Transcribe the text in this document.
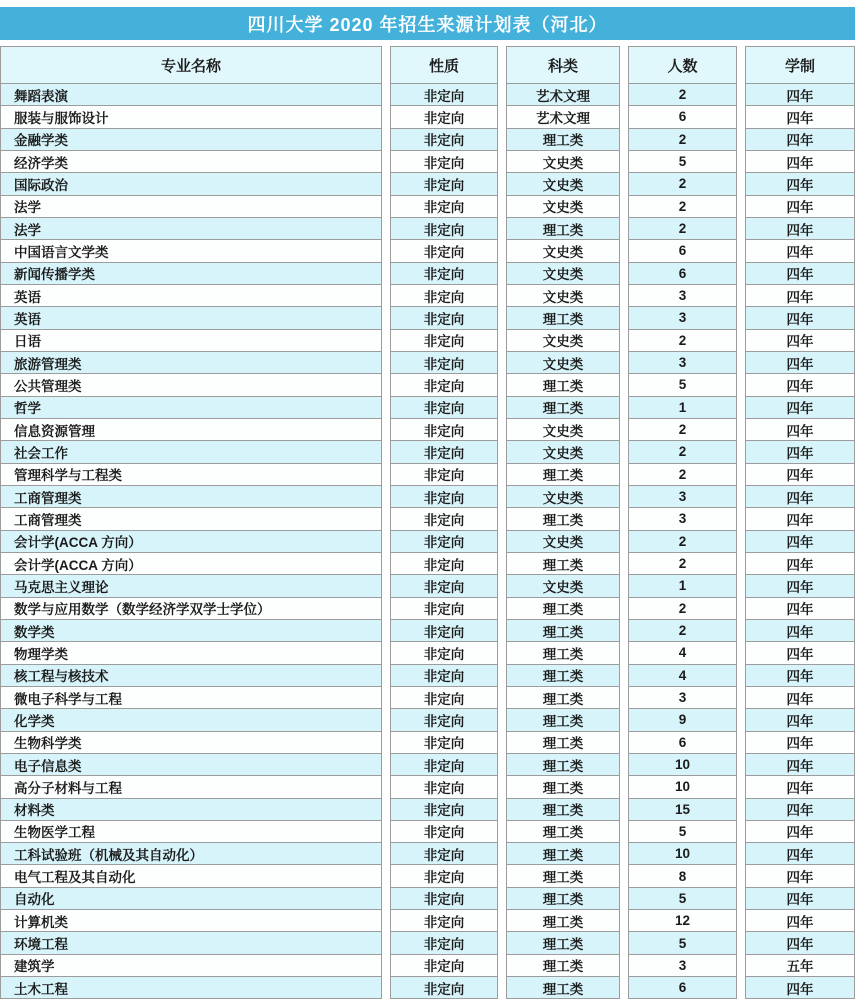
四川大学 2020 年招生来源计划表（河北）
专业名称	性质	科类	人数	学制
舞蹈表演	非定向	艺术文理	2	四年
服装与服饰设计	非定向	艺术文理	6	四年
金融学类	非定向	理工类	2	四年
经济学类	非定向	文史类	5	四年
国际政治	非定向	文史类	2	四年
法学	非定向	文史类	2	四年
法学	非定向	理工类	2	四年
中国语言文学类	非定向	文史类	6	四年
新闻传播学类	非定向	文史类	6	四年
英语	非定向	文史类	3	四年
英语	非定向	理工类	3	四年
日语	非定向	文史类	2	四年
旅游管理类	非定向	文史类	3	四年
公共管理类	非定向	理工类	5	四年
哲学	非定向	理工类	1	四年
信息资源管理	非定向	文史类	2	四年
社会工作	非定向	文史类	2	四年
管理科学与工程类	非定向	理工类	2	四年
工商管理类	非定向	文史类	3	四年
工商管理类	非定向	理工类	3	四年
会计学(ACCA 方向）	非定向	文史类	2	四年
会计学(ACCA 方向）	非定向	理工类	2	四年
马克思主义理论	非定向	文史类	1	四年
数学与应用数学（数学经济学双学士学位）	非定向	理工类	2	四年
数学类	非定向	理工类	2	四年
物理学类	非定向	理工类	4	四年
核工程与核技术	非定向	理工类	4	四年
微电子科学与工程	非定向	理工类	3	四年
化学类	非定向	理工类	9	四年
生物科学类	非定向	理工类	6	四年
电子信息类	非定向	理工类	10	四年
高分子材料与工程	非定向	理工类	10	四年
材料类	非定向	理工类	15	四年
生物医学工程	非定向	理工类	5	四年
工科试验班（机械及其自动化）	非定向	理工类	10	四年
电气工程及其自动化	非定向	理工类	8	四年
自动化	非定向	理工类	5	四年
计算机类	非定向	理工类	12	四年
环境工程	非定向	理工类	5	四年
建筑学	非定向	理工类	3	五年
土木工程	非定向	理工类	6	四年
